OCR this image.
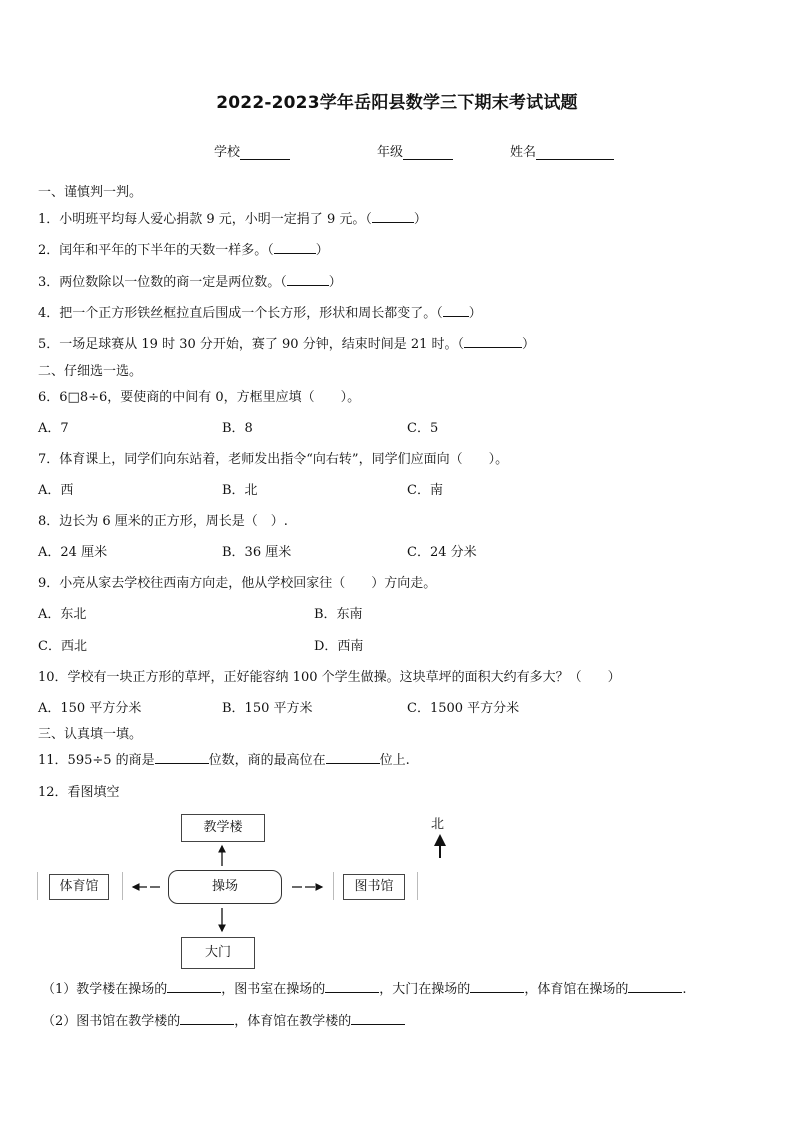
2022-2023学年岳阳县数学三下期末考试试题
学校	年级	姓名
一、谨慎判一判。
1．小明班平均每人爱心捐款 9 元，小明一定捐了 9 元。（	）
2．闰年和平年的下半年的天数一样多。（	）
3．两位数除以一位数的商一定是两位数。（	）
4．把一个正方形铁丝框拉直后围成一个长方形，形状和周长都变了。（ ）
5．一场足球赛从 19 时 30 分开始，赛了 90 分钟，结束时间是 21 时。（	）
二、仔细选一选。
6．6□8÷6，要使商的中间有 0，方框里应填（　　）。
A．7	B．8	C．5
7．体育课上，同学们向东站着，老师发出指令“向右转”，同学们应面向（　　）。
A．西	B．北	C．南
8．边长为 6 厘米的正方形，周长是（　）.
A．24 厘米	B．36 厘米	C．24 分米
9．小亮从家去学校往西南方向走，他从学校回家往（　　）方向走。
A．东北	B．东南
C．西北	D．西南
10．学校有一块正方形的草坪，正好能容纳 100 个学生做操。这块草坪的面积大约有多大？（　　）
A．150 平方分米	B．150 平方米	C．1500 平方分米
三、认真填一填。
11．595÷5 的商是	位数，商的最高位在	位上.
12．看图填空
教学楼
操场
体育馆	图书馆
大门
北
（1）教学楼在操场的	，图书室在操场的	，大门在操场的	，体育馆在操场的	.
（2）图书馆在教学楼的	，体育馆在教学楼的
